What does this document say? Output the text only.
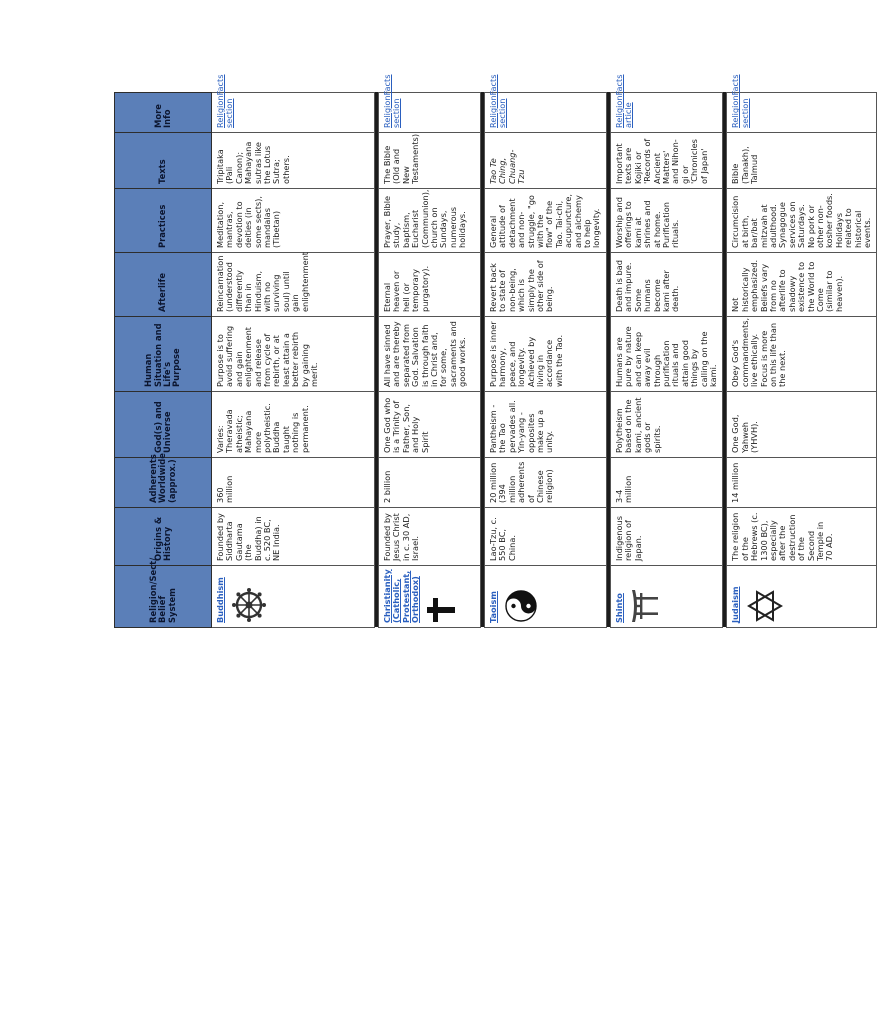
Religion/Sect/ Belief System	Origins & History	Adherents Worldwide (approx.)	God(s) and Universe	Human Situation and Life's Purpose	Afterlife	Practices	Texts	More Info
Buddhism	Founded by Siddharta Gautama (the Buddha) in c. 520 BC, NE India.	360 million	Varies: Theravada atheistic; Mahayana more polytheistic. Buddha taught nothing is permanent.	Purpose is to avoid suffering and gain enlightenment and release from cycle of rebirth, or at least attain a better rebirth by gaining merit.	Reincarnation (understood differently than in Hinduism, with no surviving soul) until gain enlightenment	Meditation, mantras, devotion to deities (in some sects), mandalas (Tibetan)	Tripitaka (Pali Canon); Mahayana sutras like the Lotus Sutra; others.	ReligionFacts section

Christianity (Catholic, Protestant, Orthodox)	Founded by Jesus Christ in c. 30 AD, Israel.	2 billion	One God who is a Trinity of Father, Son, and Holy Spirit	All have sinned and are thereby separated from God. Salvation is through faith in Christ and, for some, sacraments and good works.	Eternal heaven or hell (or temporary purgatory).	Prayer, Bible study, baptism, Eucharist (Communion), church on Sundays, numerous holidays.	The Bible (Old and New Testaments)	ReligionFacts section

Taoism	Lao-Tzu, c. 550 BC, China.	20 million (394 million adherents of Chinese religion)	Pantheism - the Tao pervades all. Yin-yang - opposites make up a unity.	Purpose is inner harmony, peace, and longevity. Achieved by living in accordance with the Tao.	Revert back to state of non-being, which is simply the other side of being.	General attitude of detachment and non-struggle, "go with the flow" of the Tao. Tai-chi, acupuncture, and alchemy to help longevity.	Tao Te Ching, Chuang-Tzu	ReligionFacts section

Shinto	Indigenous religion of Japan.	3-4 million	Polytheism based on the kami, ancient gods or spirits.	Humans are pure by nature and can keep away evil through purification rituals and attain good things by calling on the kami.	Death is bad and impure. Some humans become kami after death.	Worship and offerings to kami at shrines and at home. Purification rituals.	Important texts are Kojiki or 'Records of Ancient Matters' and Nihon-gi or 'Chronicles of Japan'	ReligionFacts article

Judaism	The religion of the Hebrews (c. 1300 BC), especially after the destruction of the Second Temple in 70 AD.	14 million	One God, Yahweh (YHVH).	Obey God's commandments, live ethically. Focus is more on this life than the next.	Not historically emphasized. Beliefs vary from no afterlife to shadowy existence to the World to Come (similar to heaven).	Circumcision at birth, bar/bat mitzvah at adulthood. Synagogue services on Saturdays. No pork or other non-kosher foods. Holidays related to historical events.	Bible (Tanakh), Talmud	ReligionFacts section
